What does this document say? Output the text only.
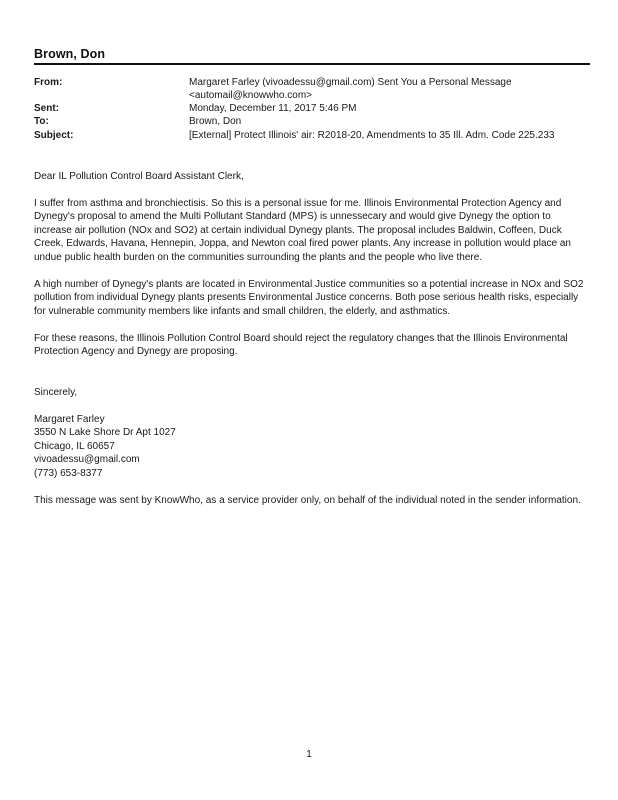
Brown, Don
From:	Margaret Farley (vivoadessu@gmail.com) Sent You a Personal Message
<automail@knowwho.com>
Sent:	Monday, December 11, 2017 5:46 PM
To:	Brown, Don
Subject:	[External] Protect Illinois' air: R2018-20, Amendments to 35 Ill. Adm. Code 225.233

Dear IL Pollution Control Board Assistant Clerk,

I suffer from asthma and bronchiectisis. So this is a personal issue for me. Illinois Environmental Protection Agency and Dynegy's proposal to amend the Multi Pollutant Standard (MPS) is unnessecary and would give Dynegy the option to increase air pollution (NOx and SO2) at certain individual Dynegy plants. The proposal includes Baldwin, Coffeen, Duck Creek, Edwards, Havana, Hennepin, Joppa, and Newton coal fired power plants. Any increase in pollution would place an undue public health burden on the communities surrounding the plants and the people who live there.

A high number of Dynegy's plants are located in Environmental Justice communities so a potential increase in NOx and SO2 pollution from individual Dynegy plants presents Environmental Justice concerns. Both pose serious health risks, especially for vulnerable community members like infants and small children, the elderly, and asthmatics.

For these reasons, the Illinois Pollution Control Board should reject the regulatory changes that the Illinois Environmental Protection Agency and Dynegy are proposing.

Sincerely,

Margaret Farley
3550 N Lake Shore Dr Apt 1027
Chicago, IL 60657
vivoadessu@gmail.com
(773) 653-8377

This message was sent by KnowWho, as a service provider only, on behalf of the individual noted in the sender information.

1
